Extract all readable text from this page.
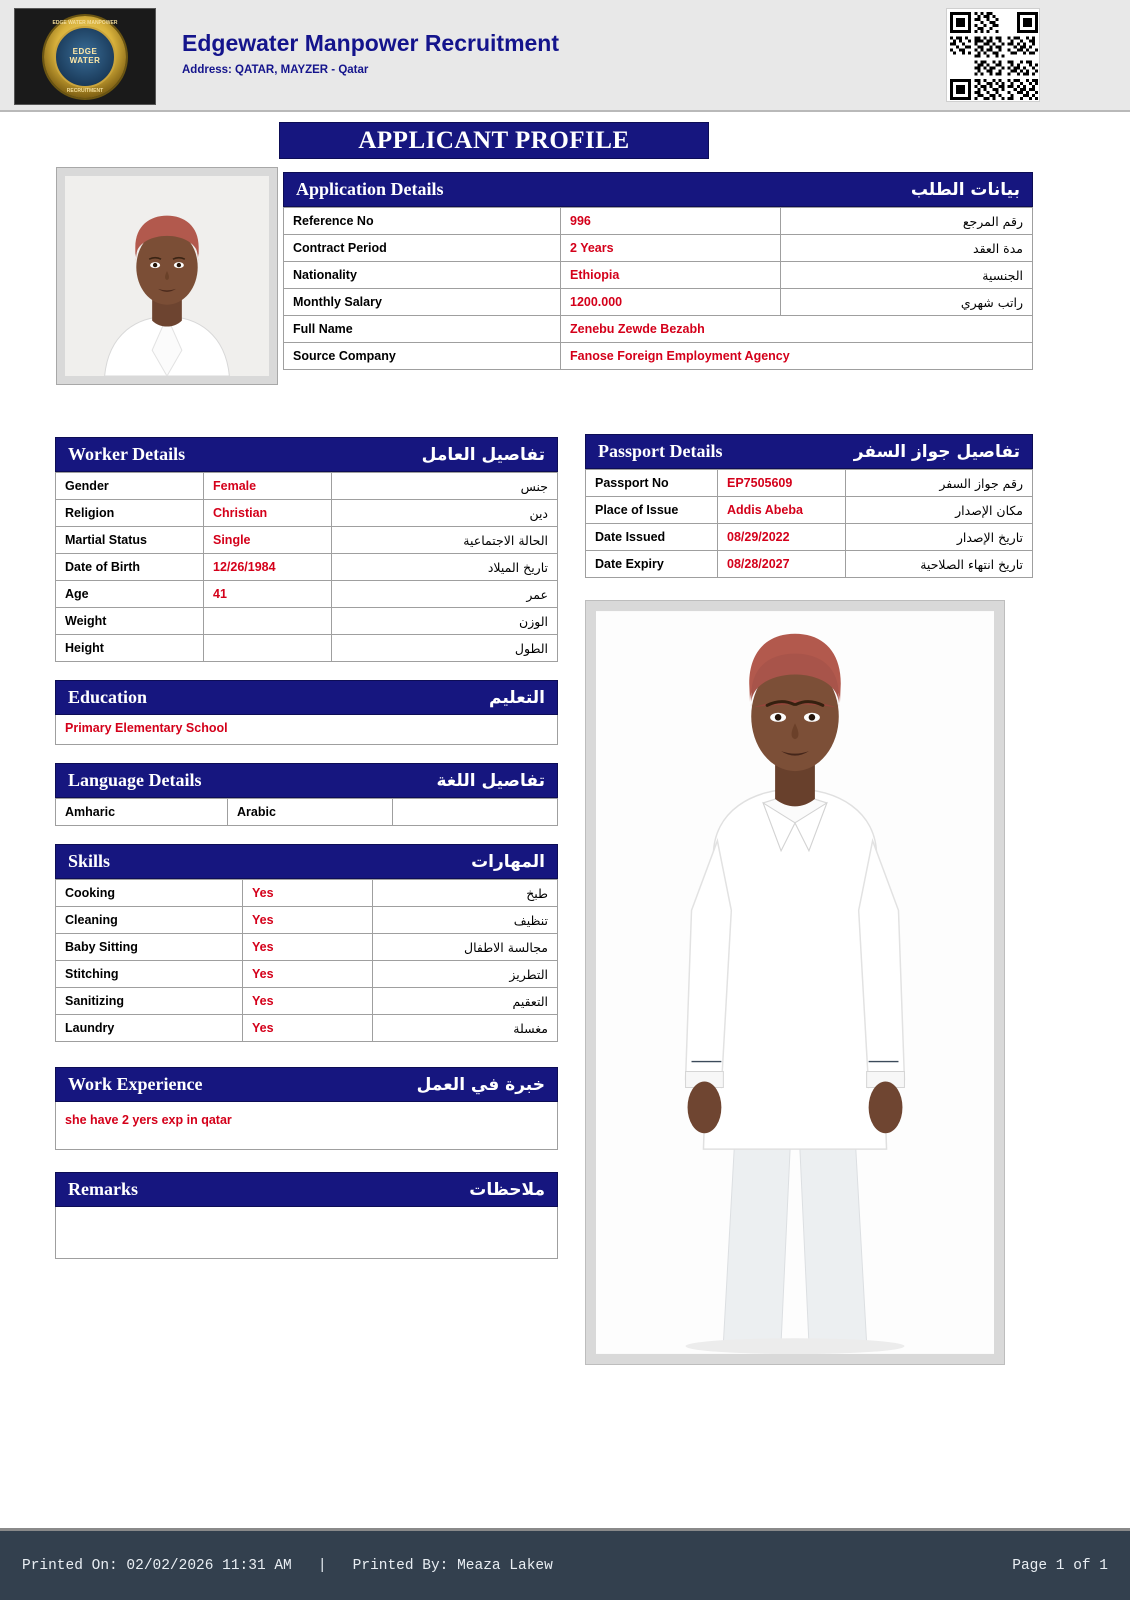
EDGE WATER MANPOWER
EDGE WATER
RECRUITMENT
Edgewater Manpower Recruitment
Address: QATAR, MAYZER - Qatar
APPLICANT PROFILE
Application Details	بيانات الطلب
Reference No	996	رقم المرجع
Contract Period	2 Years	مدة العقد
Nationality	Ethiopia	الجنسية
Monthly Salary	1200.000	راتب شهري
Full Name	Zenebu Zewde Bezabh	
Source Company	Fanose Foreign Employment Agency	
Worker Details	تفاصيل العامل
Gender	Female	جنس
Religion	Christian	دين
Martial Status	Single	الحالة الاجتماعية
Date of Birth	12/26/1984	تاريخ الميلاد
Age	41	عمر
Weight		الوزن
Height		الطول
Education	التعليم
Primary Elementary School
Language Details	تفاصيل اللغة
Amharic	Arabic	
Skills	المهارات
Cooking	Yes	طبخ
Cleaning	Yes	تنظيف
Baby Sitting	Yes	مجالسة الاطفال
Stitching	Yes	التطريز
Sanitizing	Yes	التعقيم
Laundry	Yes	مغسلة
Work Experience	خبرة في العمل
she have 2 yers exp in qatar
Remarks	ملاحظات
Passport Details	تفاصيل جواز السفر
Passport No	EP7505609	رقم جواز السفر
Place of Issue	Addis Abeba	مكان الإصدار
Date Issued	08/29/2022	تاريخ الإصدار
Date Expiry	08/28/2027	تاريخ انتهاء الصلاحية
Printed On: 02/02/2026 11:31 AM   |   Printed By: Meaza Lakew	Page 1 of 1
